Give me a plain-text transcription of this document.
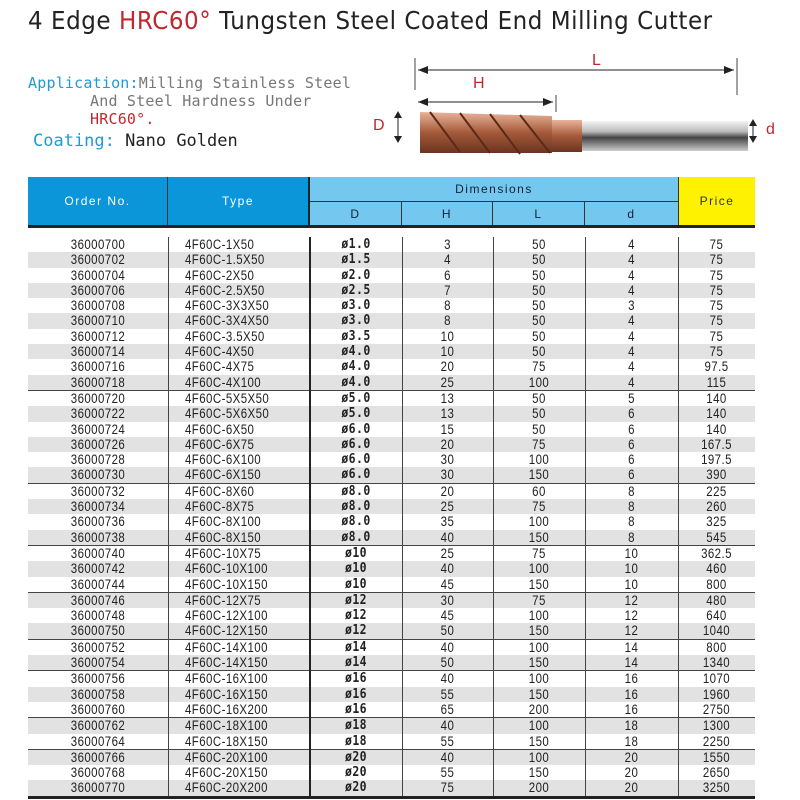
4 Edge HRC60° Tungsten Steel Coated End Milling Cutter
Application:Milling Stainless Steel
And Steel Hardness Under
HRC60°.
Coating: Nano Golden
L
H
D	d
Order No.	Type
Dimensions
D	H	L	d
Price
36000700	4F60C-1X50	ø1.0	3	50	4	75
36000702	4F60C-1.5X50	ø1.5	4	50	4	75
36000704	4F60C-2X50	ø2.0	6	50	4	75
36000706	4F60C-2.5X50	ø2.5	7	50	4	75
36000708	4F60C-3X3X50	ø3.0	8	50	3	75
36000710	4F60C-3X4X50	ø3.0	8	50	4	75
36000712	4F60C-3.5X50	ø3.5	10	50	4	75
36000714	4F60C-4X50	ø4.0	10	50	4	75
36000716	4F60C-4X75	ø4.0	20	75	4	97.5
36000718	4F60C-4X100	ø4.0	25	100	4	115
36000720	4F60C-5X5X50	ø5.0	13	50	5	140
36000722	4F60C-5X6X50	ø5.0	13	50	6	140
36000724	4F60C-6X50	ø6.0	15	50	6	140
36000726	4F60C-6X75	ø6.0	20	75	6	167.5
36000728	4F60C-6X100	ø6.0	30	100	6	197.5
36000730	4F60C-6X150	ø6.0	30	150	6	390
36000732	4F60C-8X60	ø8.0	20	60	8	225
36000734	4F60C-8X75	ø8.0	25	75	8	260
36000736	4F60C-8X100	ø8.0	35	100	8	325
36000738	4F60C-8X150	ø8.0	40	150	8	545
36000740	4F60C-10X75	ø10	25	75	10	362.5
36000742	4F60C-10X100	ø10	40	100	10	460
36000744	4F60C-10X150	ø10	45	150	10	800
36000746	4F60C-12X75	ø12	30	75	12	480
36000748	4F60C-12X100	ø12	45	100	12	640
36000750	4F60C-12X150	ø12	50	150	12	1040
36000752	4F60C-14X100	ø14	40	100	14	800
36000754	4F60C-14X150	ø14	50	150	14	1340
36000756	4F60C-16X100	ø16	40	100	16	1070
36000758	4F60C-16X150	ø16	55	150	16	1960
36000760	4F60C-16X200	ø16	65	200	16	2750
36000762	4F60C-18X100	ø18	40	100	18	1300
36000764	4F60C-18X150	ø18	55	150	18	2250
36000766	4F60C-20X100	ø20	40	100	20	1550
36000768	4F60C-20X150	ø20	55	150	20	2650
36000770	4F60C-20X200	ø20	75	200	20	3250
